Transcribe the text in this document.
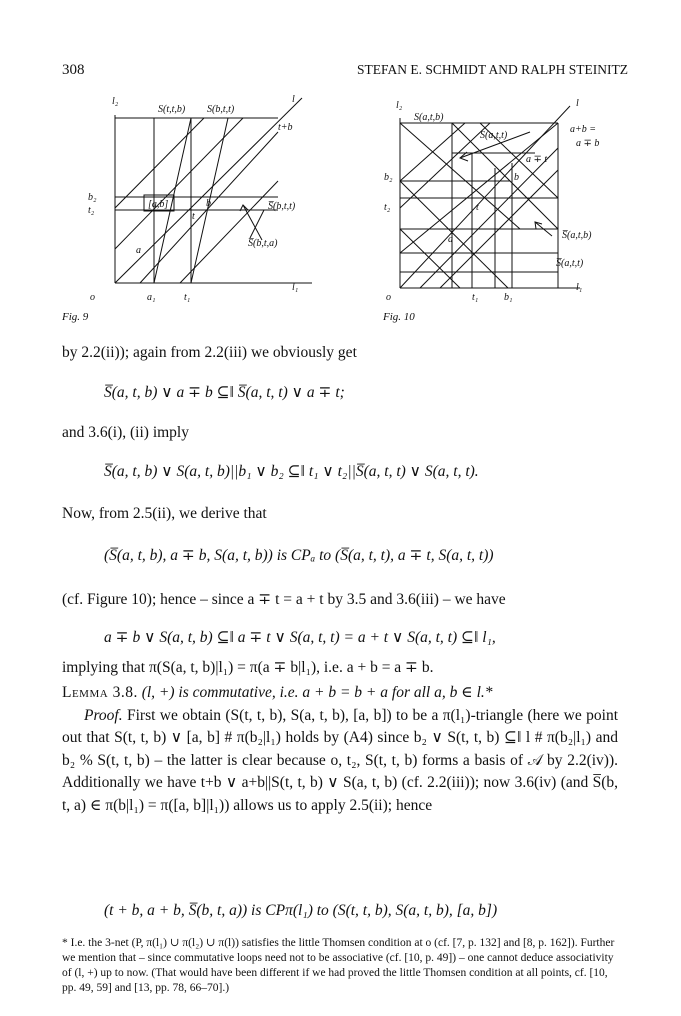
308	STEFAN E. SCHMIDT AND RALPH STEINITZ
l₂	l
S(t,t,b) S(b,t,t)
t+b
b₂
t₂
[a,b]	b
t
S̅(b,t,t)
S̅(b,t,a)
a
o	a₁	t₁
l₁
Fig. 9
l₂	l
S(a,t,b)
S(a,t,t)
a+b =
a ∓ b
a ∓ t
b
b₂
t₂	t
a	S̅(a,t,b)
S̅(a,t,t)
o	t₁	b₁
l₁
Fig. 10
by 2.2(ii)); again from 2.2(iii) we obviously get
S̅(a, t, b) ∨ a ∓ b ⊆‖ S̅(a, t, t) ∨ a ∓ t;
and 3.6(i), (ii) imply
S̅(a, t, b) ∨ S(a, t, b)||b₁ ∨ b₂ ⊆‖ t₁ ∨ t₂||S̅(a, t, t) ∨ S(a, t, t).
Now, from 2.5(ii), we derive that
(S̅(a, t, b), a ∓ b, S(a, t, b)) is CPₐ to (S̅(a, t, t), a ∓ t, S(a, t, t))
(cf. Figure 10); hence – since a ∓ t = a + t by 3.5 and 3.6(iii) – we have
a ∓ b ∨ S(a, t, b) ⊆‖ a ∓ t ∨ S(a, t, t) = a + t ∨ S(a, t, t) ⊆‖ l₁,
implying that π(S(a, t, b)|l₁) = π(a ∓ b|l₁), i.e. a + b = a ∓ b.
Lemma 3.8. (l, +) is commutative, i.e. a + b = b + a for all a, b ∈ l.*
Proof. First we obtain (S(t, t, b), S(a, t, b), [a, b]) to be a π(l₁)-triangle (here we point out that S(t, t, b) ∨ [a, b] # π(b₂|l₁) holds by (A4) since b₂ ∨ S(t, t, b) ⊆‖ l # π(b₂|l₁) and b₂ % S(t, t, b) – the latter is clear because o, t₂, S(t, t, b) forms a basis of 𝒜 by 2.2(iv)). Additionally we have t+b ∨ a+b||S(t, t, b) ∨ S(a, t, b) (cf. 2.2(iii)); now 3.6(iv) (and S̅(b, t, a) ∈ π(b|l₁) = π([a, b]|l₁)) allows us to apply 2.5(ii); hence
(t + b, a + b, S̅(b, t, a)) is CPπ(l₁) to (S(t, t, b), S(a, t, b), [a, b])
* I.e. the 3-net (P, π(l₁) ∪ π(l₂) ∪ π(l)) satisfies the little Thomsen condition at o (cf. [7, p. 132] and [8, p. 162]). Further we mention that – since commutative loops need not to be associative (cf. [10, p. 49]) – one cannot deduce associativity of (l, +) up to now. (That would have been different if we had proved the little Thomsen condition at all points, cf. [10, pp. 49, 59] and [13, pp. 78, 66–70].)
